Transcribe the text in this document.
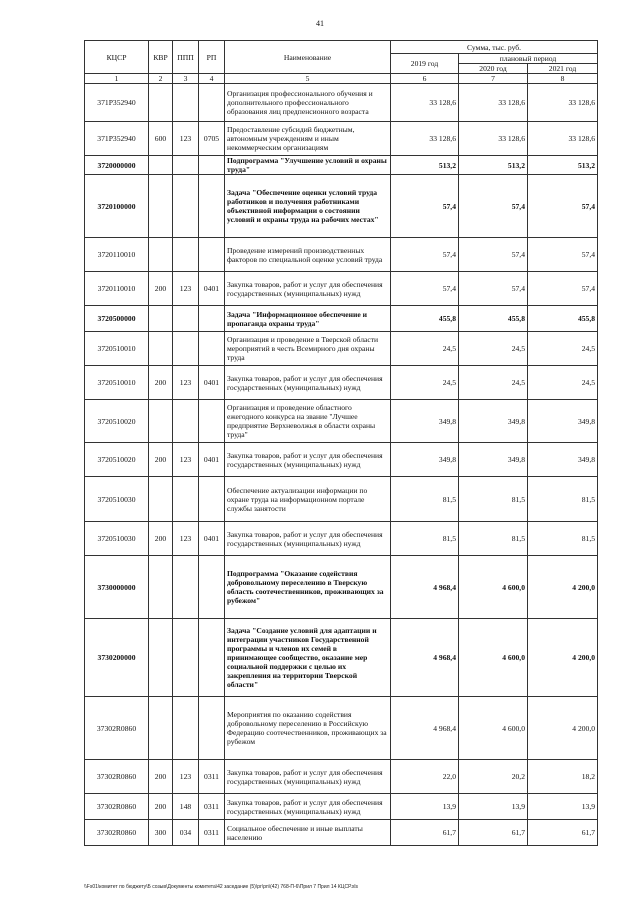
41
КЦСР	КВР	ППП	РП	Наименование	Сумма, тыс. руб.		
					2019 год	плановый период	
						2020 год	2021 год
1	2	3	4	5	6	7	8
371Р352940				Организация профессионального обучения и дополнительного профессионального образования лиц предпенсионного возраста	33 128,6	33 128,6	33 128,6
371Р352940	600	123	0705	Предоставление субсидий бюджетным, автономным учреждениям и иным некоммерческим организациям	33 128,6	33 128,6	33 128,6
3720000000				Подпрограмма "Улучшение условий и охраны труда"	513,2	513,2	513,2
3720100000				Задача "Обеспечение оценки условий труда работников и получения работниками объективной информации о состоянии условий и охраны труда на рабочих местах"	57,4	57,4	57,4
3720110010				Проведение измерений производственных факторов по специальной оценке условий труда	57,4	57,4	57,4
3720110010	200	123	0401	Закупка товаров, работ и услуг для обеспечения государственных (муниципальных) нужд	57,4	57,4	57,4
3720500000				Задача "Информационное обеспечение и пропаганда охраны труда"	455,8	455,8	455,8
3720510010				Организация и проведение в Тверской области мероприятий в честь Всемирного дня охраны труда	24,5	24,5	24,5
3720510010	200	123	0401	Закупка товаров, работ и услуг для обеспечения государственных (муниципальных) нужд	24,5	24,5	24,5
3720510020				Организация и проведение областного ежегодного конкурса на звание "Лучшее предприятие Верхневолжья в области охраны труда"	349,8	349,8	349,8
3720510020	200	123	0401	Закупка товаров, работ и услуг для обеспечения государственных (муниципальных) нужд	349,8	349,8	349,8
3720510030				Обеспечение актуализации информации по охране труда на информационном портале службы занятости	81,5	81,5	81,5
3720510030	200	123	0401	Закупка товаров, работ и услуг для обеспечения государственных (муниципальных) нужд	81,5	81,5	81,5
3730000000				Подпрограмма "Оказание содействия добровольному переселению в Тверскую область соотечественников, проживающих за рубежом"	4 968,4	4 600,0	4 200,0
3730200000				Задача "Создание условий для адаптации и интеграции участников Государственной программы и членов их семей в принимающее сообщество, оказание мер социальной поддержки с целью их закрепления на территории Тверской области"	4 968,4	4 600,0	4 200,0
37302R0860				Мероприятия по оказанию содействия добровольному переселению в Российскую Федерацию соотечественников, проживающих за рубежом	4 968,4	4 600,0	4 200,0
37302R0860	200	123	0311	Закупка товаров, работ и услуг для обеспечения государственных (муниципальных) нужд	22,0	20,2	18,2
37302R0860	200	148	0311	Закупка товаров, работ и услуг для обеспечения государственных (муниципальных) нужд	13,9	13,9	13,9
37302R0860	300	034	0311	Социальное обеспечение и иные выплаты населению	61,7	61,7	61,7
\\Fs01\комитет по бюджету\Б созыв\Документы комитета\42 заседание (5)\рг\рп\(42) 768-П-6\Прил 7 Прил 14 КЦСР.xls
